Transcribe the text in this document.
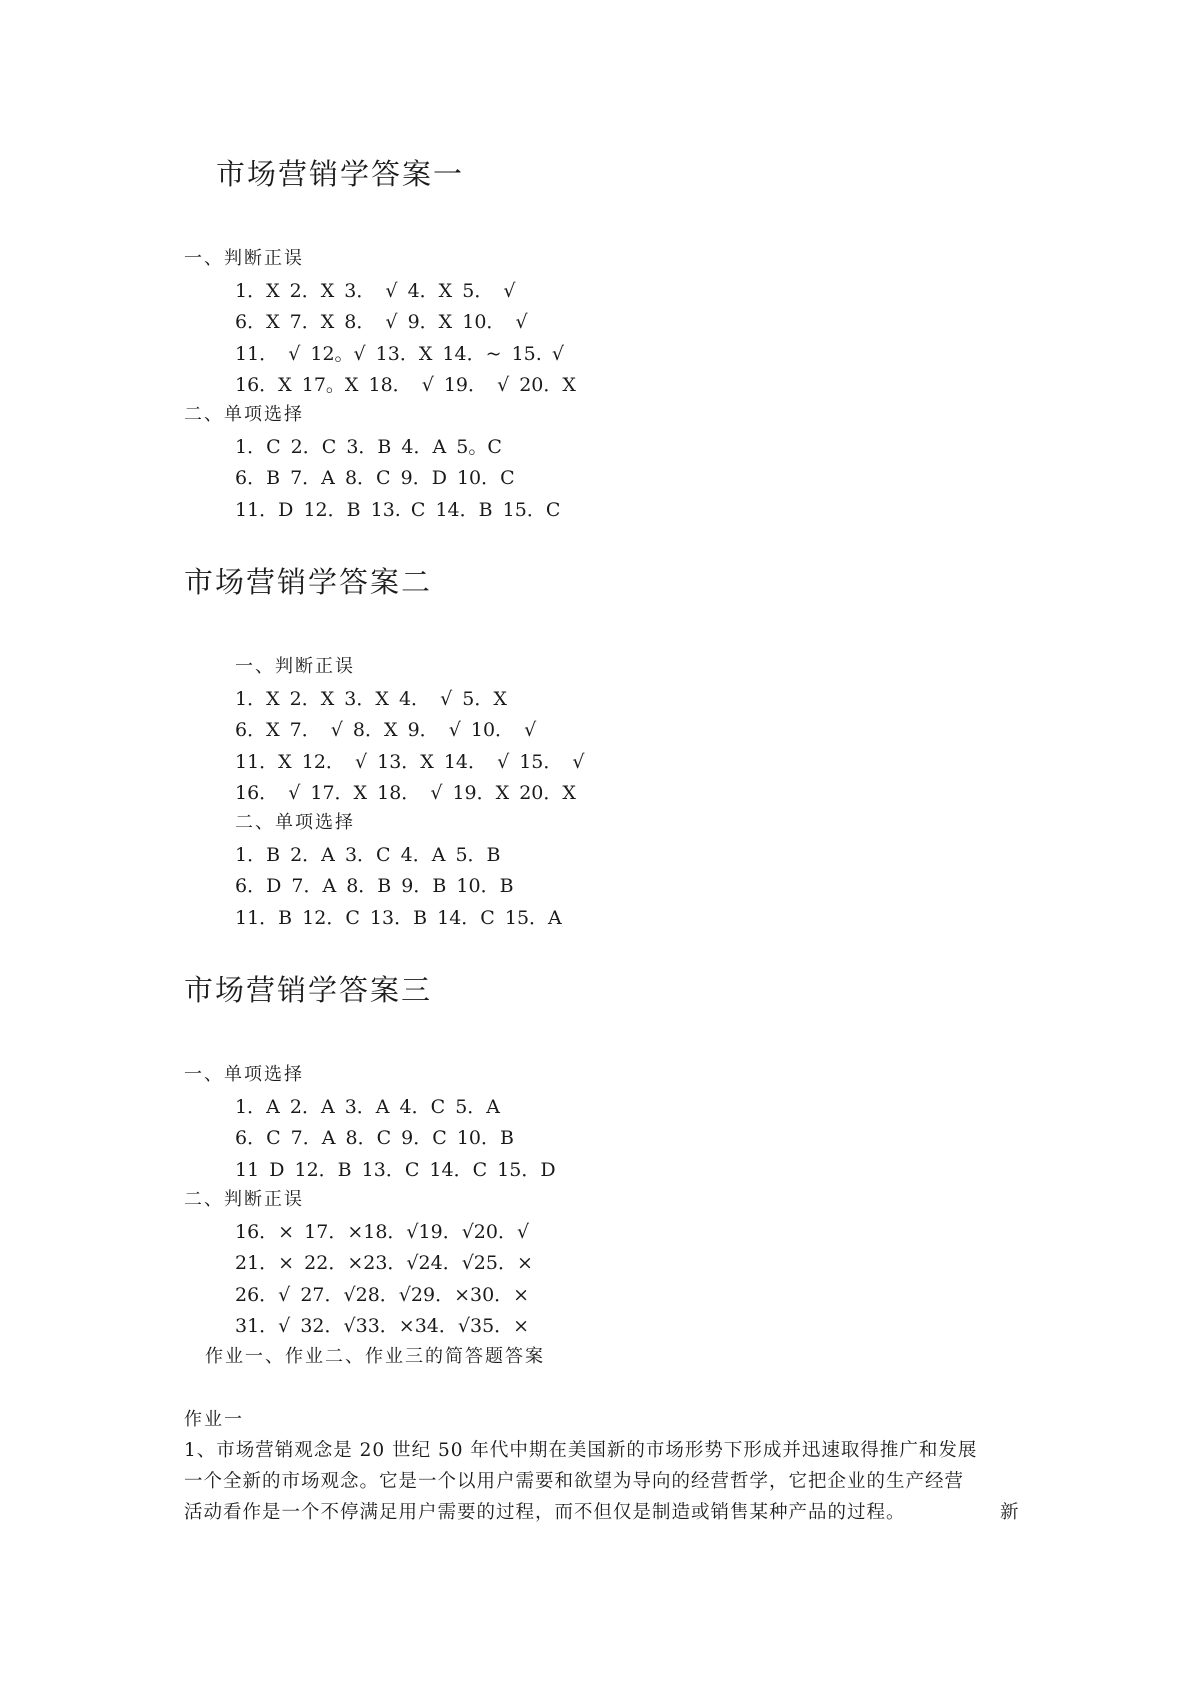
市场营销学答案一
一、判断正误
1．X 2．X 3． √ 4．X 5． √
6．X 7．X 8． √ 9．X 10． √
11． √ 12。√ 13．X 14．~ 15. √
16．X 17。X 18． √ 19． √ 20．X
二、单项选择
1．C 2．C 3．B 4．A 5。C
6．B 7．A 8．C 9．D 10．C
11．D 12．B 13. C 14．B 15．C
市场营销学答案二
一、判断正误
1．X 2．X 3．X 4． √ 5．X
6．X 7． √ 8．X 9． √ 10． √
11．X 12． √ 13．X 14． √ 15． √
16． √ 17．X 18． √ 19．X 20．X
二、单项选择
1．B 2．A 3．C 4．A 5．B
6．D 7．A 8．B 9．B 10．B
11．B 12．C 13．B 14．C 15．A
市场营销学答案三
一、单项选择
1．A 2．A 3．A 4．C 5．A
6．C 7．A 8．C 9．C 10．B
11 D 12．B 13．C 14．C 15．D
二、判断正误
16．× 17．×18．√19．√20．√
21．× 22．×23．√24．√25．×
26．√ 27．√28．√29．×30．×
31．√ 32．√33．×34．√35．×
作业一、作业二、作业三的简答题答案
作业一
1、市场营销观念是 20 世纪 50 年代中期在美国新的市场形势下形成并迅速取得推广和发展
一个全新的市场观念。它是一个以用户需要和欲望为导向的经营哲学，它把企业的生产经营
活动看作是一个不停满足用户需要的过程，而不但仅是制造或销售某种产品的过程。	新
